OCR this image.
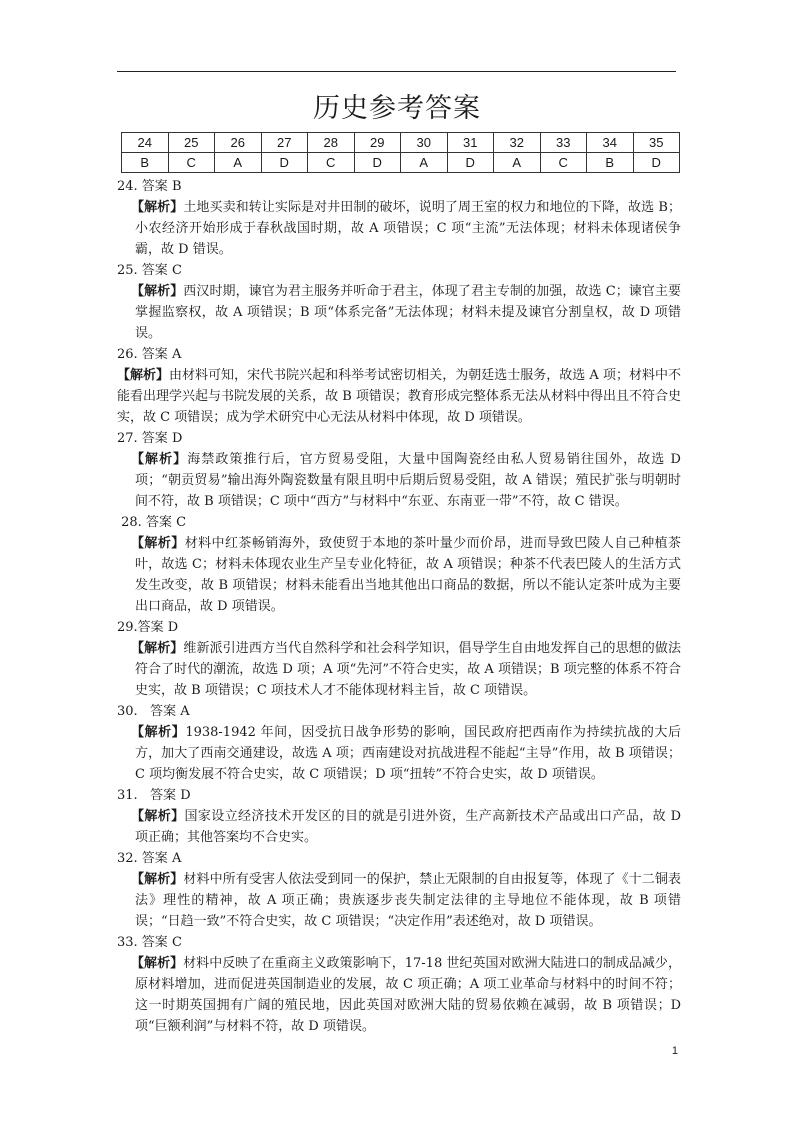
历史参考答案
24	25	26	27	28	29	30	31	32	33	34	35
B	C	A	D	C	D	A	D	A	C	B	D

24. 答案 B

【解析】土地买卖和转让实际是对井田制的破坏，说明了周王室的权力和地位的下降，故选 B；小农经济开始形成于春秋战国时期，故 A 项错误；C 项“主流”无法体现；材料未体现诸侯争霸，故 D 错误。

25. 答案 C

【解析】西汉时期，谏官为君主服务并听命于君主，体现了君主专制的加强，故选 C；谏官主要掌握监察权，故 A 项错误；B 项“体系完备”无法体现；材料未提及谏官分割皇权，故 D 项错误。

26. 答案 A

【解析】由材料可知，宋代书院兴起和科举考试密切相关，为朝廷选士服务，故选 A 项；材料中不能看出理学兴起与书院发展的关系，故 B 项错误；教育形成完整体系无法从材料中得出且不符合史实，故 C 项错误；成为学术研究中心无法从材料中体现，故 D 项错误。

27. 答案 D

【解析】海禁政策推行后，官方贸易受阻，大量中国陶瓷经由私人贸易销往国外，故选 D 项；“朝贡贸易”输出海外陶瓷数量有限且明中后期后贸易受阻，故 A 错误；殖民扩张与明朝时间不符，故 B 项错误；C 项中“西方”与材料中“东亚、东南亚一带”不符，故 C 错误。

28. 答案 C

【解析】材料中红茶畅销海外，致使贸于本地的茶叶量少而价昂，进而导致巴陵人自己种植茶叶，故选 C；材料未体现农业生产呈专业化特征，故 A 项错误；种茶不代表巴陵人的生活方式发生改变，故 B 项错误；材料未能看出当地其他出口商品的数据，所以不能认定茶叶成为主要出口商品，故 D 项错误。

29.答案 D

【解析】维新派引进西方当代自然科学和社会科学知识，倡导学生自由地发挥自己的思想的做法符合了时代的潮流，故选 D 项；A 项“先河”不符合史实，故 A 项错误；B 项完整的体系不符合史实，故 B 项错误；C 项技术人才不能体现材料主旨，故 C 项错误。

30.   答案 A

【解析】1938-1942 年间，因受抗日战争形势的影响，国民政府把西南作为持续抗战的大后方，加大了西南交通建设，故选 A 项；西南建设对抗战进程不能起“主导”作用，故 B 项错误；C 项均衡发展不符合史实，故 C 项错误；D 项“扭转”不符合史实，故 D 项错误。

31.   答案 D

【解析】国家设立经济技术开发区的目的就是引进外资，生产高新技术产品或出口产品，故 D 项正确；其他答案均不合史实。

32. 答案 A

【解析】材料中所有受害人依法受到同一的保护，禁止无限制的自由报复等，体现了《十二铜表法》理性的精神，故 A 项正确；贵族逐步丧失制定法律的主导地位不能体现，故 B 项错误；“日趋一致”不符合史实，故 C 项错误；“决定作用”表述绝对，故 D 项错误。

33. 答案 C

【解析】材料中反映了在重商主义政策影响下，17-18 世纪英国对欧洲大陆进口的制成品减少，原材料增加，进而促进英国制造业的发展，故 C 项正确；A 项工业革命与材料中的时间不符；这一时期英国拥有广阔的殖民地，因此英国对欧洲大陆的贸易依赖在减弱，故 B 项错误；D 项“巨额利润”与材料不符，故 D 项错误。

1
